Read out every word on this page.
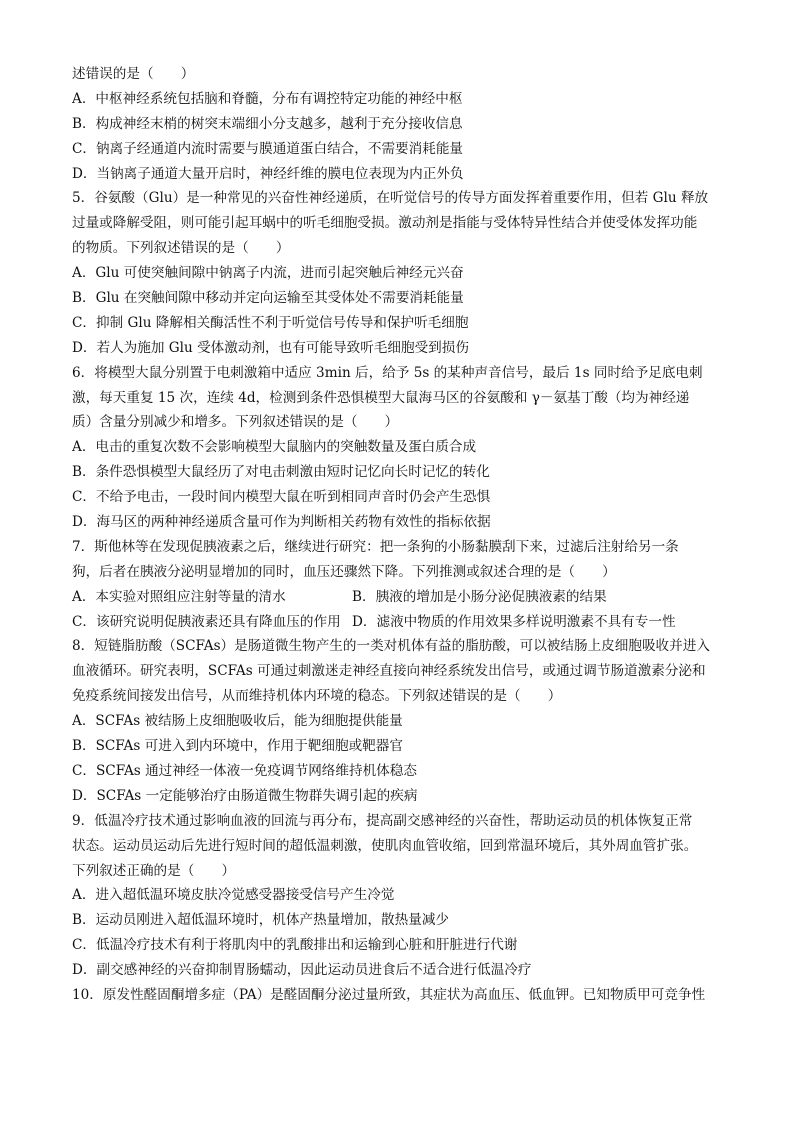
述错误的是（　　）
A．中枢神经系统包括脑和脊髓，分布有调控特定功能的神经中枢
B．构成神经末梢的树突末端细小分支越多，越利于充分接收信息
C．钠离子经通道内流时需要与膜通道蛋白结合，不需要消耗能量
D．当钠离子通道大量开启时，神经纤维的膜电位表现为内正外负
5．谷氨酸（Glu）是一种常见的兴奋性神经递质，在听觉信号的传导方面发挥着重要作用，但若 Glu 释放
过量或降解受阻，则可能引起耳蜗中的听毛细胞受损。激动剂是指能与受体特异性结合并使受体发挥功能
的物质。下列叙述错误的是（　　）
A．Glu 可使突触间隙中钠离子内流，进而引起突触后神经元兴奋
B．Glu 在突触间隙中移动并定向运输至其受体处不需要消耗能量
C．抑制 Glu 降解相关酶活性不利于听觉信号传导和保护听毛细胞
D．若人为施加 Glu 受体激动剂，也有可能导致听毛细胞受到损伤
6．将模型大鼠分别置于电刺激箱中适应 3min 后，给予 5s 的某种声音信号，最后 1s 同时给予足底电刺
激，每天重复 15 次，连续 4d，检测到条件恐惧模型大鼠海马区的谷氨酸和 γ－氨基丁酸（均为神经递
质）含量分别减少和增多。下列叙述错误的是（　　）
A．电击的重复次数不会影响模型大鼠脑内的突触数量及蛋白质合成
B．条件恐惧模型大鼠经历了对电击刺激由短时记忆向长时记忆的转化
C．不给予电击，一段时间内模型大鼠在听到相同声音时仍会产生恐惧
D．海马区的两种神经递质含量可作为判断相关药物有效性的指标依据
7．斯他林等在发现促胰液素之后，继续进行研究：把一条狗的小肠黏膜刮下来，过滤后注射给另一条
狗，后者在胰液分泌明显增加的同时，血压还骤然下降。下列推测或叙述合理的是（　　）
A．本实验对照组应注射等量的清水	B．胰液的增加是小肠分泌促胰液素的结果
C．该研究说明促胰液素还具有降血压的作用 D．滤液中物质的作用效果多样说明激素不具有专一性
8．短链脂肪酸（SCFAs）是肠道微生物产生的一类对机体有益的脂肪酸，可以被结肠上皮细胞吸收并进入
血液循环。研究表明，SCFAs 可通过刺激迷走神经直接向神经系统发出信号，或通过调节肠道激素分泌和
免疫系统间接发出信号，从而维持机体内环境的稳态。下列叙述错误的是（　　）
A．SCFAs 被结肠上皮细胞吸收后，能为细胞提供能量
B．SCFAs 可进入到内环境中，作用于靶细胞或靶器官
C．SCFAs 通过神经一体液一免疫调节网络维持机体稳态
D．SCFAs 一定能够治疗由肠道微生物群失调引起的疾病
9．低温冷疗技术通过影响血液的回流与再分布，提高副交感神经的兴奋性，帮助运动员的机体恢复正常
状态。运动员运动后先进行短时间的超低温刺激，使肌肉血管收缩，回到常温环境后，其外周血管扩张。
下列叙述正确的是（　　）
A．进入超低温环境皮肤冷觉感受器接受信号产生冷觉
B．运动员刚进入超低温环境时，机体产热量增加，散热量减少
C．低温冷疗技术有利于将肌肉中的乳酸排出和运输到心脏和肝脏进行代谢
D．副交感神经的兴奋抑制胃肠蠕动，因此运动员进食后不适合进行低温冷疗
10．原发性醛固酮增多症（PA）是醛固酮分泌过量所致，其症状为高血压、低血钾。已知物质甲可竞争性
